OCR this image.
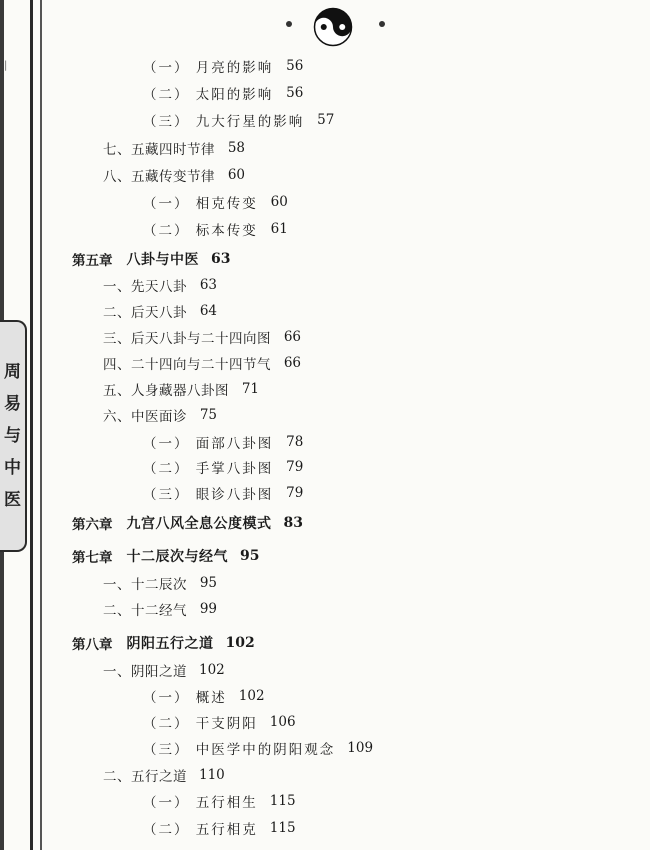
|
周
易
与
中
医
（一） 月亮的影响 56
（二） 太阳的影响 56
（三） 九大行星的影响 57
七、五藏四时节律 58
八、五藏传变节律 60
（一） 相克传变 60
（二） 标本传变 61
第五章 八卦与中医 63
一、先天八卦 63
二、后天八卦 64
三、后天八卦与二十四向图 66
四、二十四向与二十四节气 66
五、人身藏器八卦图 71
六、中医面诊 75
（一） 面部八卦图 78
（二） 手掌八卦图 79
（三） 眼诊八卦图 79
第六章 九宫八风全息公度模式 83
第七章 十二辰次与经气 95
一、十二辰次 95
二、十二经气 99
第八章 阴阳五行之道 102
一、阴阳之道 102
（一） 概述 102
（二） 干支阴阳 106
（三） 中医学中的阴阳观念 109
二、五行之道 110
（一） 五行相生 115
（二） 五行相克 115
